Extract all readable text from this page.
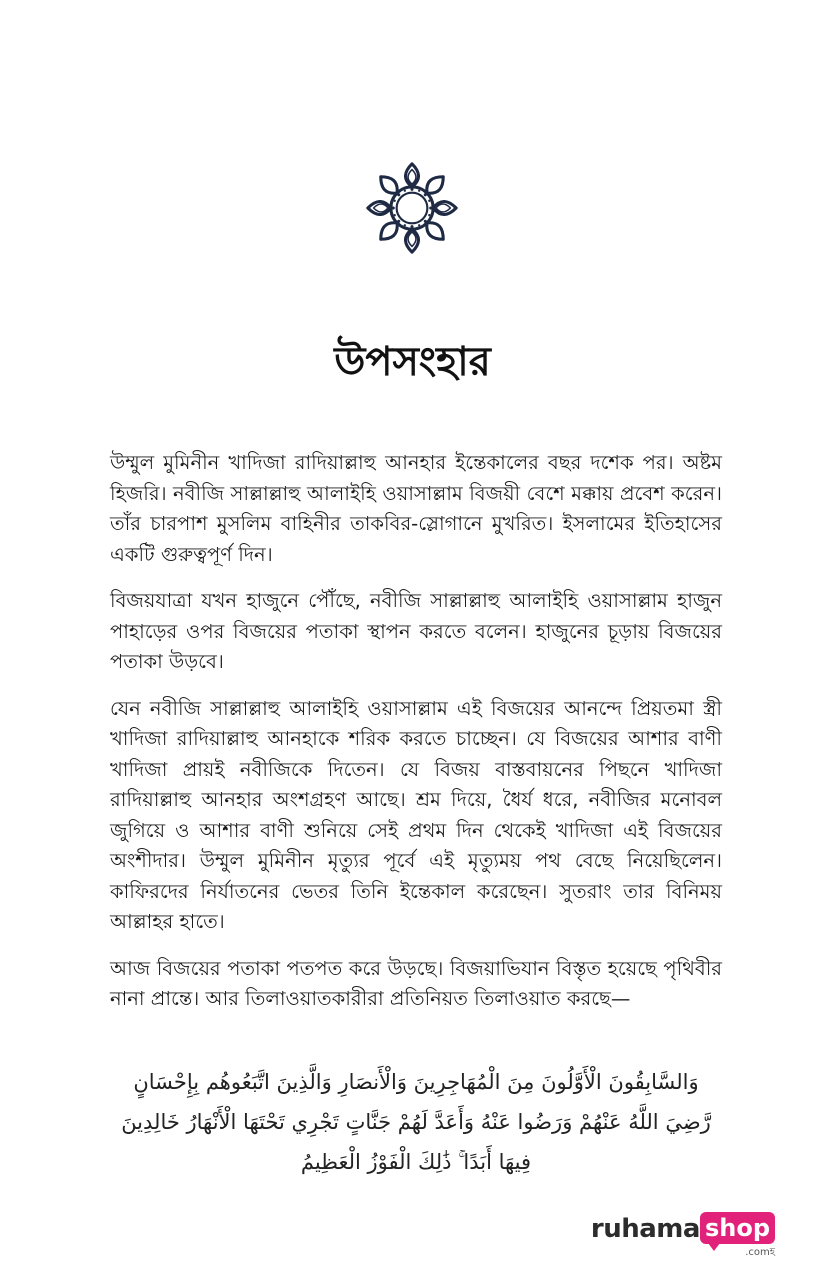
উপসংহার

উম্মুল মুমিনীন খাদিজা রাদিয়াল্লাহু আনহার ইন্তেকালের বছর দশেক পর। অষ্টম হিজরি। নবীজি সাল্লাল্লাহু আলাইহি ওয়াসাল্লাম বিজয়ী বেশে মক্কায় প্রবেশ করেন। তাঁর চারপাশ মুসলিম বাহিনীর তাকবির-স্লোগানে মুখরিত। ইসলামের ইতিহাসের একটি গুরুত্বপূর্ণ দিন।

বিজয়যাত্রা যখন হাজুনে পৌঁছে, নবীজি সাল্লাল্লাহু আলাইহি ওয়াসাল্লাম হাজুন পাহাড়ের ওপর বিজয়ের পতাকা স্থাপন করতে বলেন। হাজুনের চূড়ায় বিজয়ের পতাকা উড়বে।

যেন নবীজি সাল্লাল্লাহু আলাইহি ওয়াসাল্লাম এই বিজয়ের আনন্দে প্রিয়তমা স্ত্রী খাদিজা রাদিয়াল্লাহু আনহাকে শরিক করতে চাচ্ছেন। যে বিজয়ের আশার বাণী খাদিজা প্রায়ই নবীজিকে দিতেন। যে বিজয় বাস্তবায়নের পিছনে খাদিজা রাদিয়াল্লাহু আনহার অংশগ্রহণ আছে। শ্রম দিয়ে, ধৈর্য ধরে, নবীজির মনোবল জুগিয়ে ও আশার বাণী শুনিয়ে সেই প্রথম দিন থেকেই খাদিজা এই বিজয়ের অংশীদার। উম্মুল মুমিনীন মৃত্যুর পূর্বে এই মৃত্যুময় পথ বেছে নিয়েছিলেন। কাফিরদের নির্যাতনের ভেতর তিনি ইন্তেকাল করেছেন। সুতরাং তার বিনিময় আল্লাহর হাতে।

আজ বিজয়ের পতাকা পতপত করে উড়ছে। বিজয়াভিযান বিস্তৃত হয়েছে পৃথিবীর নানা প্রান্তে। আর তিলাওয়াতকারীরা প্রতিনিয়ত তিলাওয়াত করছে—

وَالسَّابِقُونَ الْأَوَّلُونَ مِنَ الْمُهَاجِرِينَ وَالْأَنصَارِ وَالَّذِينَ اتَّبَعُوهُم بِإِحْسَانٍ
رَّضِيَ اللَّهُ عَنْهُمْ وَرَضُوا عَنْهُ وَأَعَدَّ لَهُمْ جَنَّاتٍ تَجْرِي تَحْتَهَا الْأَنْهَارُ خَالِدِينَ
فِيهَا أَبَدًا ۚ ذَٰلِكَ الْفَوْزُ الْعَظِيمُ
ruhama shop
.comহ
